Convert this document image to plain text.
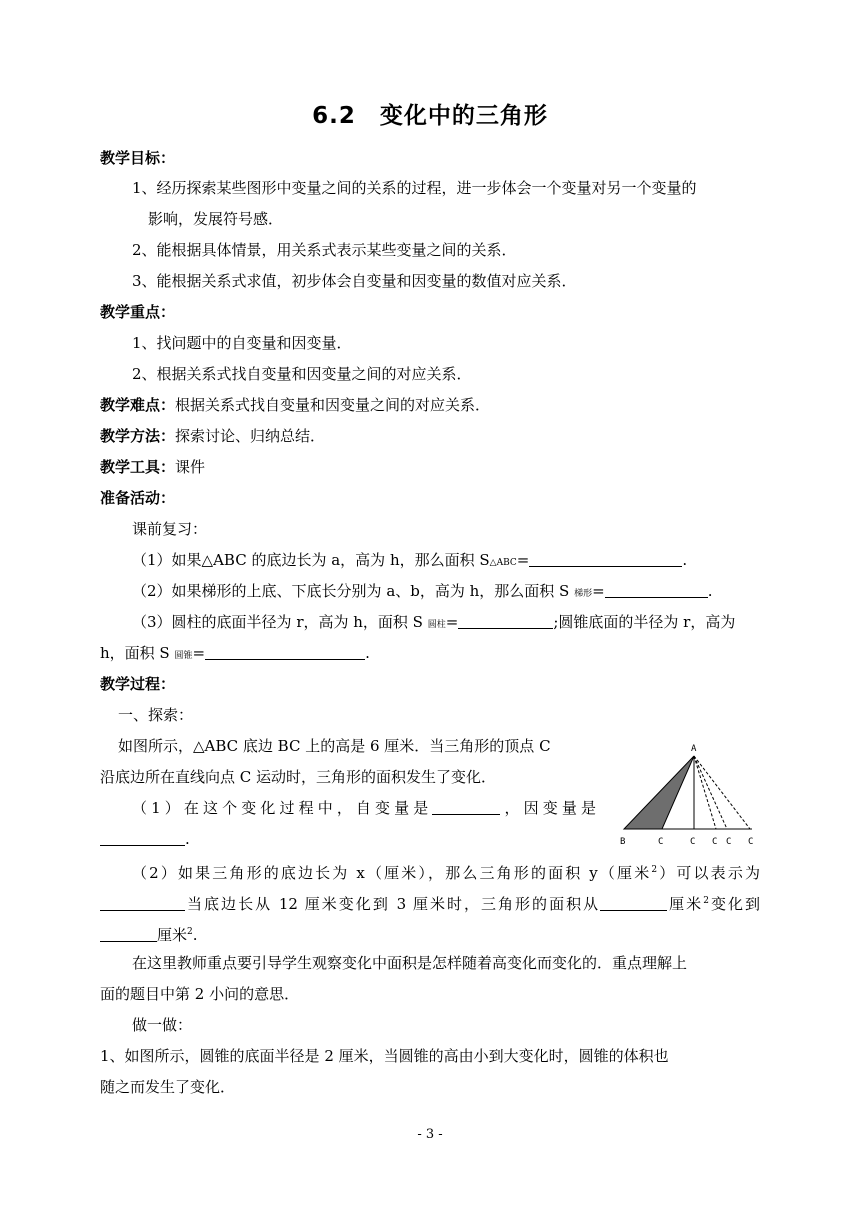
6.2　变化中的三角形
教学目标：
1、经历探索某些图形中变量之间的关系的过程，进一步体会一个变量对另一个变量的
影响，发展符号感．
2、能根据具体情景，用关系式表示某些变量之间的关系．
3、能根据关系式求值，初步体会自变量和因变量的数值对应关系．
教学重点：
1、找问题中的自变量和因变量．
2、根据关系式找自变量和因变量之间的对应关系．
教学难点：根据关系式找自变量和因变量之间的对应关系．
教学方法：探索讨论、归纳总结．
教学工具：课件
准备活动：
课前复习：
（1）如果△ABC 的底边长为 a，高为 h，那么面积 S△ABC=	.
（2）如果梯形的上底、下底长分别为 a、b，高为 h，那么面积 S 梯形=	.
（3）圆柱的底面半径为 r，高为 h，面积 S 圆柱=	;圆锥底面的半径为 r，高为
h，面积 S 圆锥=	.
教学过程：
一、探索：
如图所示，△ABC 底边 BC 上的高是 6 厘米．当三角形的顶点 C
沿底边所在直线向点 C 运动时，三角形的面积发生了变化．
（1）在这个变化过程中，自变量是	，因变量是
.
A
B	C	C C C C
（2）如果三角形的底边长为 x（厘米），那么三角形的面积 y（厘米$^2$）可以表示为
当底边长从 12 厘米变化到 3 厘米时，三角形的面积从	厘米$^2$变化到
厘米$^2$.
在这里教师重点要引导学生观察变化中面积是怎样随着高变化而变化的．重点理解上
面的题目中第 2 小问的意思．
做一做：
1、如图所示，圆锥的底面半径是 2 厘米，当圆锥的高由小到大变化时，圆锥的体积也
随之而发生了变化．
- 3 -
